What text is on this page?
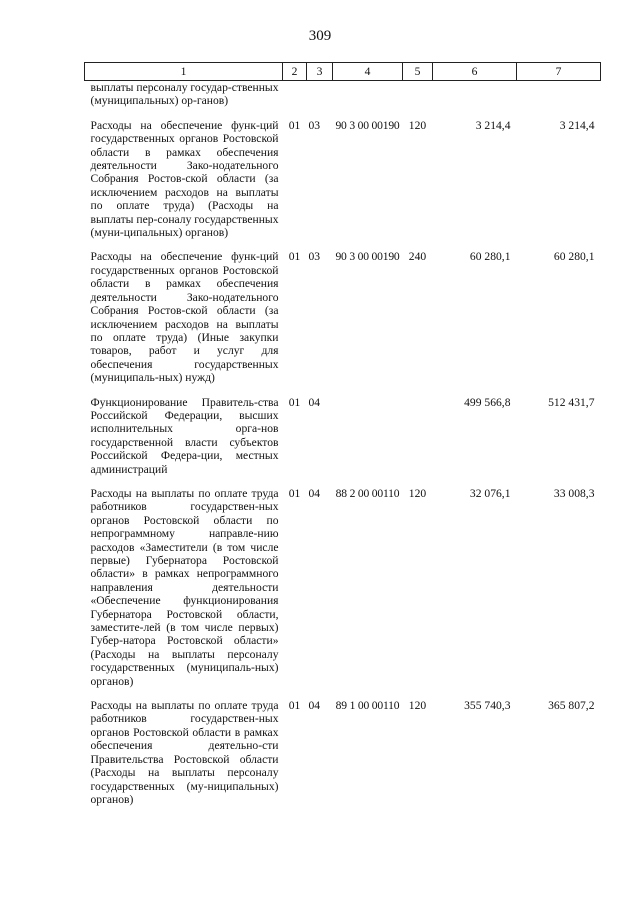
309
1	2	3	4	5	6	7
выплаты персоналу государ-ственных (муниципальных) ор-ганов)						
Расходы на обеспечение функ-ций государственных органов Ростовской области в рамках обеспечения деятельности Зако-нодательного Собрания Ростов-ской области (за исключением расходов на выплаты по оплате труда) (Расходы на выплаты пер-соналу государственных (муни-ципальных) органов)	01	03	90 3 00 00190	120	3 214,4	3 214,4
Расходы на обеспечение функ-ций государственных органов Ростовской области в рамках обеспечения деятельности Зако-нодательного Собрания Ростов-ской области (за исключением расходов на выплаты по оплате труда) (Иные закупки товаров, работ и услуг для обеспечения государственных (муниципаль-ных) нужд)	01	03	90 3 00 00190	240	60 280,1	60 280,1
Функционирование Правитель-ства Российской Федерации, высших исполнительных орга-нов государственной власти субъектов Российской Федера-ции, местных администраций	01	04			499 566,8	512 431,7
Расходы на выплаты по оплате труда работников государствен-ных органов Ростовской области по непрограммному направле-нию расходов «Заместители (в том числе первые) Губернатора Ростовской области» в рамках непрограммного направления деятельности «Обеспечение функционирования Губернатора Ростовской области, заместите-лей (в том числе первых) Губер-натора Ростовской области» (Расходы на выплаты персоналу государственных (муниципаль-ных) органов)	01	04	88 2 00 00110	120	32 076,1	33 008,3
Расходы на выплаты по оплате труда работников государствен-ных органов Ростовской области в рамках обеспечения деятельно-сти Правительства Ростовской области (Расходы на выплаты персоналу государственных (му-ниципальных) органов)	01	04	89 1 00 00110	120	355 740,3	365 807,2
